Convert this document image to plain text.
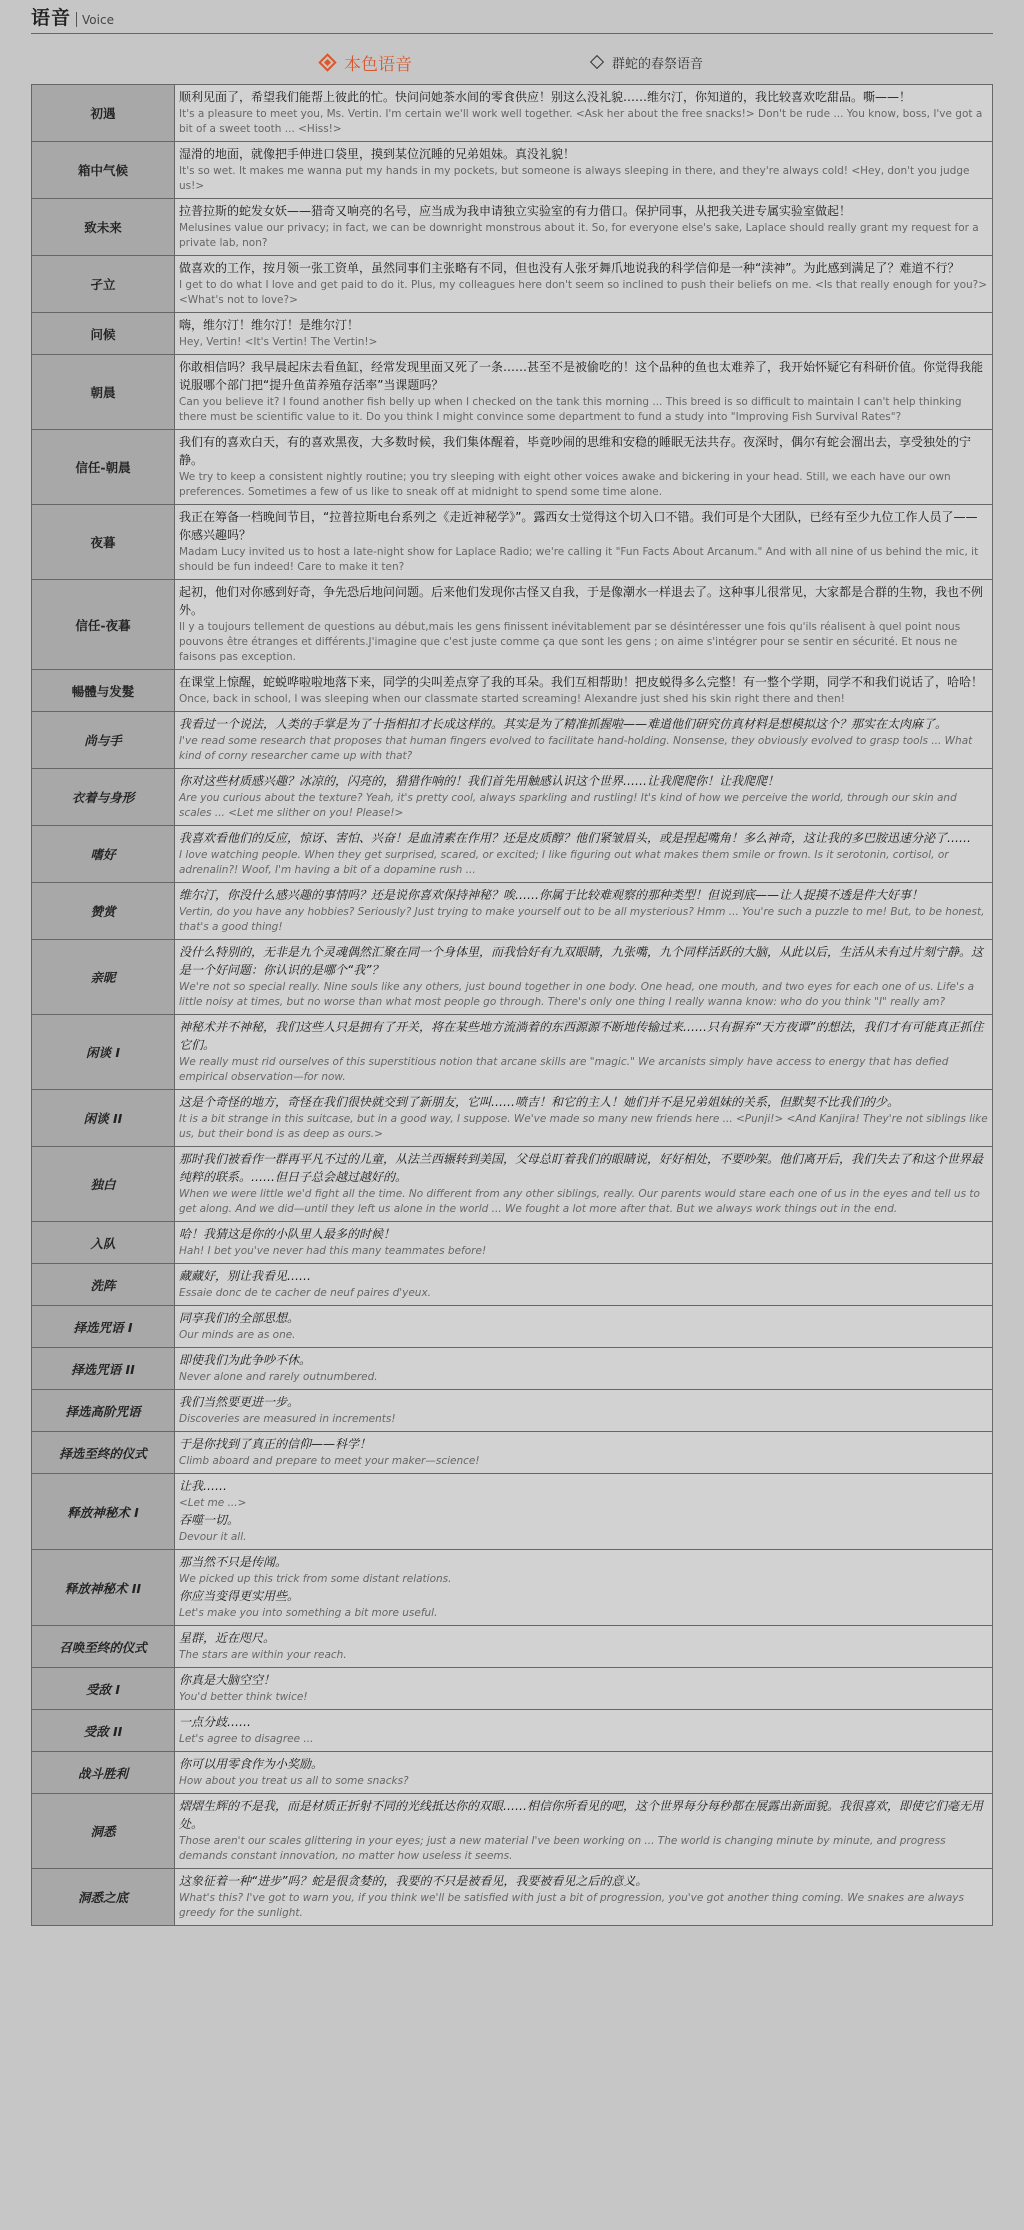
语音 Voice
本色语音	群蛇的春祭语音
初遇	顺利见面了，希望我们能帮上彼此的忙。快问问她茶水间的零食供应！别这么没礼貌……维尔汀，你知道的，我比较喜欢吃甜品。嘶——！
It's a pleasure to meet you, Ms. Vertin. I'm certain we'll work well together. <Ask her about the free snacks!> Don't be rude ... You know, boss, I've got a bit of a sweet tooth ... <Hiss!>

箱中气候	湿滑的地面，就像把手伸进口袋里，摸到某位沉睡的兄弟姐妹。真没礼貌！
It's so wet. It makes me wanna put my hands in my pockets, but someone is always sleeping in there, and they're always cold! <Hey, don't you judge us!>

致未来	拉普拉斯的蛇发女妖——猎奇又响亮的名号，应当成为我申请独立实验室的有力借口。保护同事，从把我关进专属实验室做起！
Melusines value our privacy; in fact, we can be downright monstrous about it. So, for everyone else's sake, Laplace should really grant my request for a private lab, non?

孑立	做喜欢的工作，按月领一张工资单，虽然同事们主张略有不同，但也没有人张牙舞爪地说我的科学信仰是一种“渎神”。为此感到满足了？难道不行？
I get to do what I love and get paid to do it. Plus, my colleagues here don't seem so inclined to push their beliefs on me. <Is that really enough for you?> <What's not to love?>

问候	嗨，维尔汀！维尔汀！是维尔汀！
Hey, Vertin! <It's Vertin! The Vertin!>

朝晨	你敢相信吗？我早晨起床去看鱼缸，经常发现里面又死了一条……甚至不是被偷吃的！这个品种的鱼也太难养了，我开始怀疑它有科研价值。你觉得我能说服哪个部门把“提升鱼苗养殖存活率”当课题吗？
Can you believe it? I found another fish belly up when I checked on the tank this morning ... This breed is so difficult to maintain I can't help thinking there must be scientific value to it. Do you think I might convince some department to fund a study into "Improving Fish Survival Rates"?

信任-朝晨	我们有的喜欢白天，有的喜欢黑夜，大多数时候，我们集体醒着，毕竟吵闹的思维和安稳的睡眠无法共存。夜深时，偶尔有蛇会溜出去，享受独处的宁静。
We try to keep a consistent nightly routine; you try sleeping with eight other voices awake and bickering in your head. Still, we each have our own preferences. Sometimes a few of us like to sneak off at midnight to spend some time alone.

夜暮	我正在筹备一档晚间节目，“拉普拉斯电台系列之《走近神秘学》”。露西女士觉得这个切入口不错。我们可是个大团队，已经有至少九位工作人员了——你感兴趣吗？
Madam Lucy invited us to host a late-night show for Laplace Radio; we're calling it "Fun Facts About Arcanum." And with all nine of us behind the mic, it should be fun indeed! Care to make it ten?

信任-夜暮	起初，他们对你感到好奇，争先恐后地问问题。后来他们发现你古怪又自我，于是像潮水一样退去了。这种事儿很常见，大家都是合群的生物，我也不例外。
Il y a toujours tellement de questions au début,mais les gens finissent inévitablement par se désintéresser une fois qu'ils réalisent à quel point nous pouvons être étranges et différents.J'imagine que c'est juste comme ça que sont les gens ; on aime s'intégrer pour se sentir en sécurité. Et nous ne faisons pas exception.

暢體与发髮	在课堂上惊醒，蛇蜕哗啦啦地落下来，同学的尖叫差点穿了我的耳朵。我们互相帮助！把皮蜕得多么完整！有一整个学期，同学不和我们说话了，哈哈！
Once, back in school, I was sleeping when our classmate started screaming! Alexandre just shed his skin right there and then!

尚与手	我看过一个说法，人类的手掌是为了十指相扣才长成这样的。其实是为了精准抓握啦——难道他们研究仿真材料是想模拟这个？那实在太肉麻了。
I've read some research that proposes that human fingers evolved to facilitate hand-holding. Nonsense, they obviously evolved to grasp tools ... What kind of corny researcher came up with that?

衣着与身形	你对这些材质感兴趣？冰凉的，闪亮的，猎猎作响的！我们首先用触感认识这个世界……让我爬爬你！让我爬爬！
Are you curious about the texture? Yeah, it's pretty cool, always sparkling and rustling! It's kind of how we perceive the world, through our skin and scales ... <Let me slither on you! Please!>

嗜好	我喜欢看他们的反应，惊讶、害怕、兴奋！是血清素在作用？还是皮质醇？他们紧皱眉头，或是捏起嘴角！多么神奇，这让我的多巴胺迅速分泌了……
I love watching people. When they get surprised, scared, or excited; I like figuring out what makes them smile or frown. Is it serotonin, cortisol, or adrenalin?! Woof, I'm having a bit of a dopamine rush ...

赞赏	维尔汀，你没什么感兴趣的事情吗？还是说你喜欢保持神秘？唉……你属于比较难观察的那种类型！但说到底——让人捉摸不透是件大好事！
Vertin, do you have any hobbies? Seriously? Just trying to make yourself out to be all mysterious? Hmm ... You're such a puzzle to me! But, to be honest, that's a good thing!

亲昵	没什么特别的，无非是九个灵魂偶然汇聚在同一个身体里，而我恰好有九双眼睛，九张嘴，九个同样活跃的大脑，从此以后，生活从未有过片刻宁静。这是一个好问题：你认识的是哪个“我”？
We're not so special really. Nine souls like any others, just bound together in one body. One head, one mouth, and two eyes for each one of us. Life's a little noisy at times, but no worse than what most people go through. There's only one thing I really wanna know: who do you think "I" really am?

闲谈 I	神秘术并不神秘，我们这些人只是拥有了开关，将在某些地方流淌着的东西源源不断地传输过来……只有摒弃“天方夜谭”的想法，我们才有可能真正抓住它们。
We really must rid ourselves of this superstitious notion that arcane skills are "magic." We arcanists simply have access to energy that has defied empirical observation—for now.

闲谈 II	这是个奇怪的地方，奇怪在我们很快就交到了新朋友，它叫……喷吉！和它的主人！她们并不是兄弟姐妹的关系，但默契不比我们的少。
It is a bit strange in this suitcase, but in a good way, I suppose. We've made so many new friends here ... <Punji!> <And Kanjira! They're not siblings like us, but their bond is as deep as ours.>

独白	那时我们被看作一群再平凡不过的儿童，从法兰西辗转到美国，父母总盯着我们的眼睛说，好好相处，不要吵架。他们离开后，我们失去了和这个世界最纯粹的联系。……但日子总会越过越好的。
When we were little we'd fight all the time. No different from any other siblings, really. Our parents would stare each one of us in the eyes and tell us to get along. And we did—until they left us alone in the world ... We fought a lot more after that. But we always work things out in the end.

入队	哈！我猜这是你的小队里人最多的时候！
Hah! I bet you've never had this many teammates before!

洗阵	藏藏好，别让我看见……
Essaie donc de te cacher de neuf paires d'yeux.

择选咒语 I	同享我们的全部思想。
Our minds are as one.

择选咒语 II	即使我们为此争吵不休。
Never alone and rarely outnumbered.

择选高阶咒语	我们当然要更进一步。
Discoveries are measured in increments!

择选至终的仪式	于是你找到了真正的信仰——科学！
Climb aboard and prepare to meet your maker—science!

释放神秘术 I	让我……
<Let me ...>
吞噬一切。
Devour it all.

释放神秘术 II	那当然不只是传闻。
We picked up this trick from some distant relations.
你应当变得更实用些。
Let's make you into something a bit more useful.

召唤至终的仪式	星群，近在咫尺。
The stars are within your reach.

受敌 I	你真是大脑空空！
You'd better think twice!

受敌 II	一点分歧……
Let's agree to disagree ...

战斗胜利	你可以用零食作为小奖励。
How about you treat us all to some snacks?

洞悉	熠熠生辉的不是我，而是材质正折射不同的光线抵达你的双眼……相信你所看见的吧，这个世界每分每秒都在展露出新面貌。我很喜欢，即使它们毫无用处。
Those aren't our scales glittering in your eyes; just a new material I've been working on ... The world is changing minute by minute, and progress demands constant innovation, no matter how useless it seems.

洞悉之底	这象征着一种“进步”吗？蛇是很贪婪的，我要的不只是被看见，我要被看见之后的意义。
What's this? I've got to warn you, if you think we'll be satisfied with just a bit of progression, you've got another thing coming. We snakes are always greedy for the sunlight.
